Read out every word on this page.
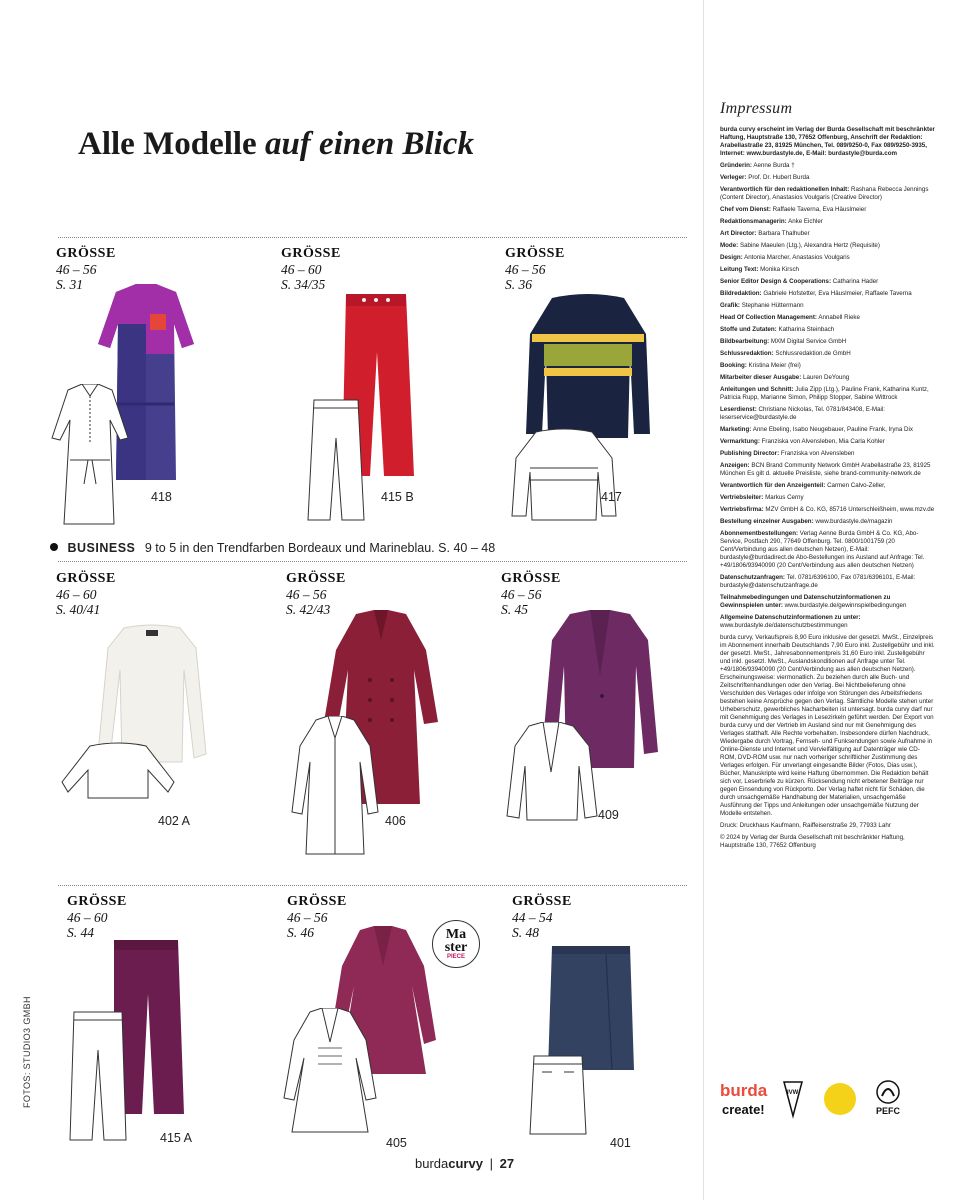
Alle Modelle auf einen Blick
GRÖSSE
46 – 56
S. 31
418
GRÖSSE
46 – 60
S. 34/35
415 B
GRÖSSE
46 – 56
S. 36
417
BUSINESS 9 to 5 in den Trendfarben Bordeaux und Marineblau. S. 40 – 48
GRÖSSE
46 – 60
S. 40/41
402 A
GRÖSSE
46 – 56
S. 42/43
406
GRÖSSE
46 – 56
S. 45
409
GRÖSSE
46 – 60
S. 44
415 A
GRÖSSE
46 – 56
S. 46	Ma
ster
PIECE
405
GRÖSSE
44 – 54
S. 48
401
FOTOS: STUDIO3 GMBH
burdacurvy | 27
Impressum
burda curvy erscheint im Verlag der Burda Gesellschaft mit beschränkter Haftung, Hauptstraße 130, 77652 Offenburg, Anschrift der Redaktion: Arabellastraße 23, 81925 München, Tel. 089/9250-0, Fax 089/9250-3935, Internet: www.burdastyle.de, E-Mail: burdastyle@burda.com
Gründerin: Aenne Burda †
Verleger: Prof. Dr. Hubert Burda
Verantwortlich für den redaktionellen Inhalt: Rashana Rebecca Jennings (Content Director), Anastasios Voulgaris (Creative Director)
Chef vom Dienst: Raffaele Taverna, Eva Häuslmeier
Redaktionsmanagerin: Anke Eichler
Art Director: Barbara Thalhuber
Mode: Sabine Maeulen (Ltg.), Alexandra Hertz (Requisite)
Design: Antonia Marcher, Anastasios Voulgaris
Leitung Text: Monika Kirsch
Senior Editor Design & Cooperations: Catharina Hader
Bildredaktion: Gabriele Hofstetter, Eva Häuslmeier, Raffaele Taverna
Grafik: Stephanie Hüttermann
Head Of Collection Management: Annabell Rieke
Stoffe und Zutaten: Katharina Steinbach
Bildbearbeitung: MXM Digital Service GmbH
Schlussredaktion: Schlussredaktion.de GmbH
Booking: Kristina Meier (frei)
Mitarbeiter dieser Ausgabe: Lauren DeYoung
Anleitungen und Schnitt: Julia Zipp (Ltg.), Pauline Frank, Katharina Kuntz, Patricia Rupp, Marianne Simon, Philipp Stopper, Sabine Wittrock
Leserdienst: Christiane Nickolas, Tel. 0781/843408, E-Mail: leserservice@burdastyle.de
Marketing: Anne Ebeling, Isabo Neugebauer, Pauline Frank, Iryna Dix
Vermarktung: Franziska von Alvensleben, Mia Carla Kohler
Publishing Director: Franziska von Alvensleben
Anzeigen: BCN Brand Community Network GmbH Arabellastraße 23, 81925 München Es gilt d. aktuelle Preisliste, siehe brand-community-network.de
Verantwortlich für den Anzeigenteil: Carmen Calvo-Zeller,
Vertriebsleiter: Markus Cerny
Vertriebsfirma: MZV GmbH & Co. KG, 85716 Unterschleißheim, www.mzv.de
Bestellung einzelner Ausgaben: www.burdastyle.de/magazin
Abonnementbestellungen: Verlag Aenne Burda GmbH & Co. KG, Abo-Service, Postfach 290, 77649 Offenburg. Tel. 0800/1001759 (20 Cent/Verbindung aus allen deutschen Netzen), E-Mail: burdastyle@burdadirect.de Abo-Bestellungen ins Ausland auf Anfrage: Tel. +49/1806/93940090 (20 Cent/Verbindung aus allen deutschen Netzen)
Datenschutzanfragen: Tel. 0781/6396100, Fax 0781/6396101, E-Mail: burdastyle@datenschutzanfrage.de
Teilnahmebedingungen und Datenschutzinformationen zu Gewinnspielen unter: www.burdastyle.de/gewinnspielbedingungen
Allgemeine Datenschutzinformationen zu unter: www.burdastyle.de/datenschutzbestimmungen
burda curvy, Verkaufspreis 8,90 Euro inklusive der gesetzl. MwSt., Einzelpreis im Abonnement innerhalb Deutschlands 7,90 Euro inkl. Zustellgebühr und inkl. der gesetzl. MwSt., Jahresabonnementpreis 31,60 Euro inkl. Zustellgebühr und inkl. gesetzl. MwSt., Auslandskonditionen auf Anfrage unter Tel. +49/1806/93940090 (20 Cent/Verbindung aus allen deutschen Netzen). Erscheinungsweise: viermonatlich. Zu beziehen durch alle Buch- und Zeitschriftenhandlungen oder den Verlag. Bei Nichtbelieferung ohne Verschulden des Verlages oder infolge von Störungen des Arbeitsfriedens bestehen keine Ansprüche gegen den Verlag. Sämtliche Modelle stehen unter Urheberschutz, gewerbliches Nacharbeiten ist untersagt. burda curvy darf nur mit Genehmigung des Verlages in Lesezirkeln geführt werden. Der Export von burda curvy und der Vertrieb im Ausland sind nur mit Genehmigung des Verlages statthaft. Alle Rechte vorbehalten. Insbesondere dürfen Nachdruck, Wiedergabe durch Vortrag, Fernseh- und Funksendungen sowie Aufnahme in Online-Dienste und Internet und Vervielfältigung auf Datenträger wie CD-ROM, DVD-ROM usw. nur nach vorheriger schriftlicher Zustimmung des Verlages erfolgen. Für unverlangt eingesandte Bilder (Fotos, Dias usw.), Bücher, Manuskripte wird keine Haftung übernommen. Die Redaktion behält sich vor, Leserbriefe zu kürzen. Rücksendung nicht erbetener Beiträge nur gegen Einsendung von Rückporto. Der Verlag haftet nicht für Schäden, die durch unsachgemäße Handhabung der Materialien, unsachgemäße Ausführung der Tipps und Anleitungen oder unsachgemäße Nutzung der Modelle entstehen.
Druck: Druckhaus Kaufmann, Raiffeisenstraße 29, 77933 Lahr
© 2024 by Verlag der Burda Gesellschaft mit beschränkter Haftung, Hauptstraße 130, 77652 Offenburg
burda
create!
IVW
PEFC
